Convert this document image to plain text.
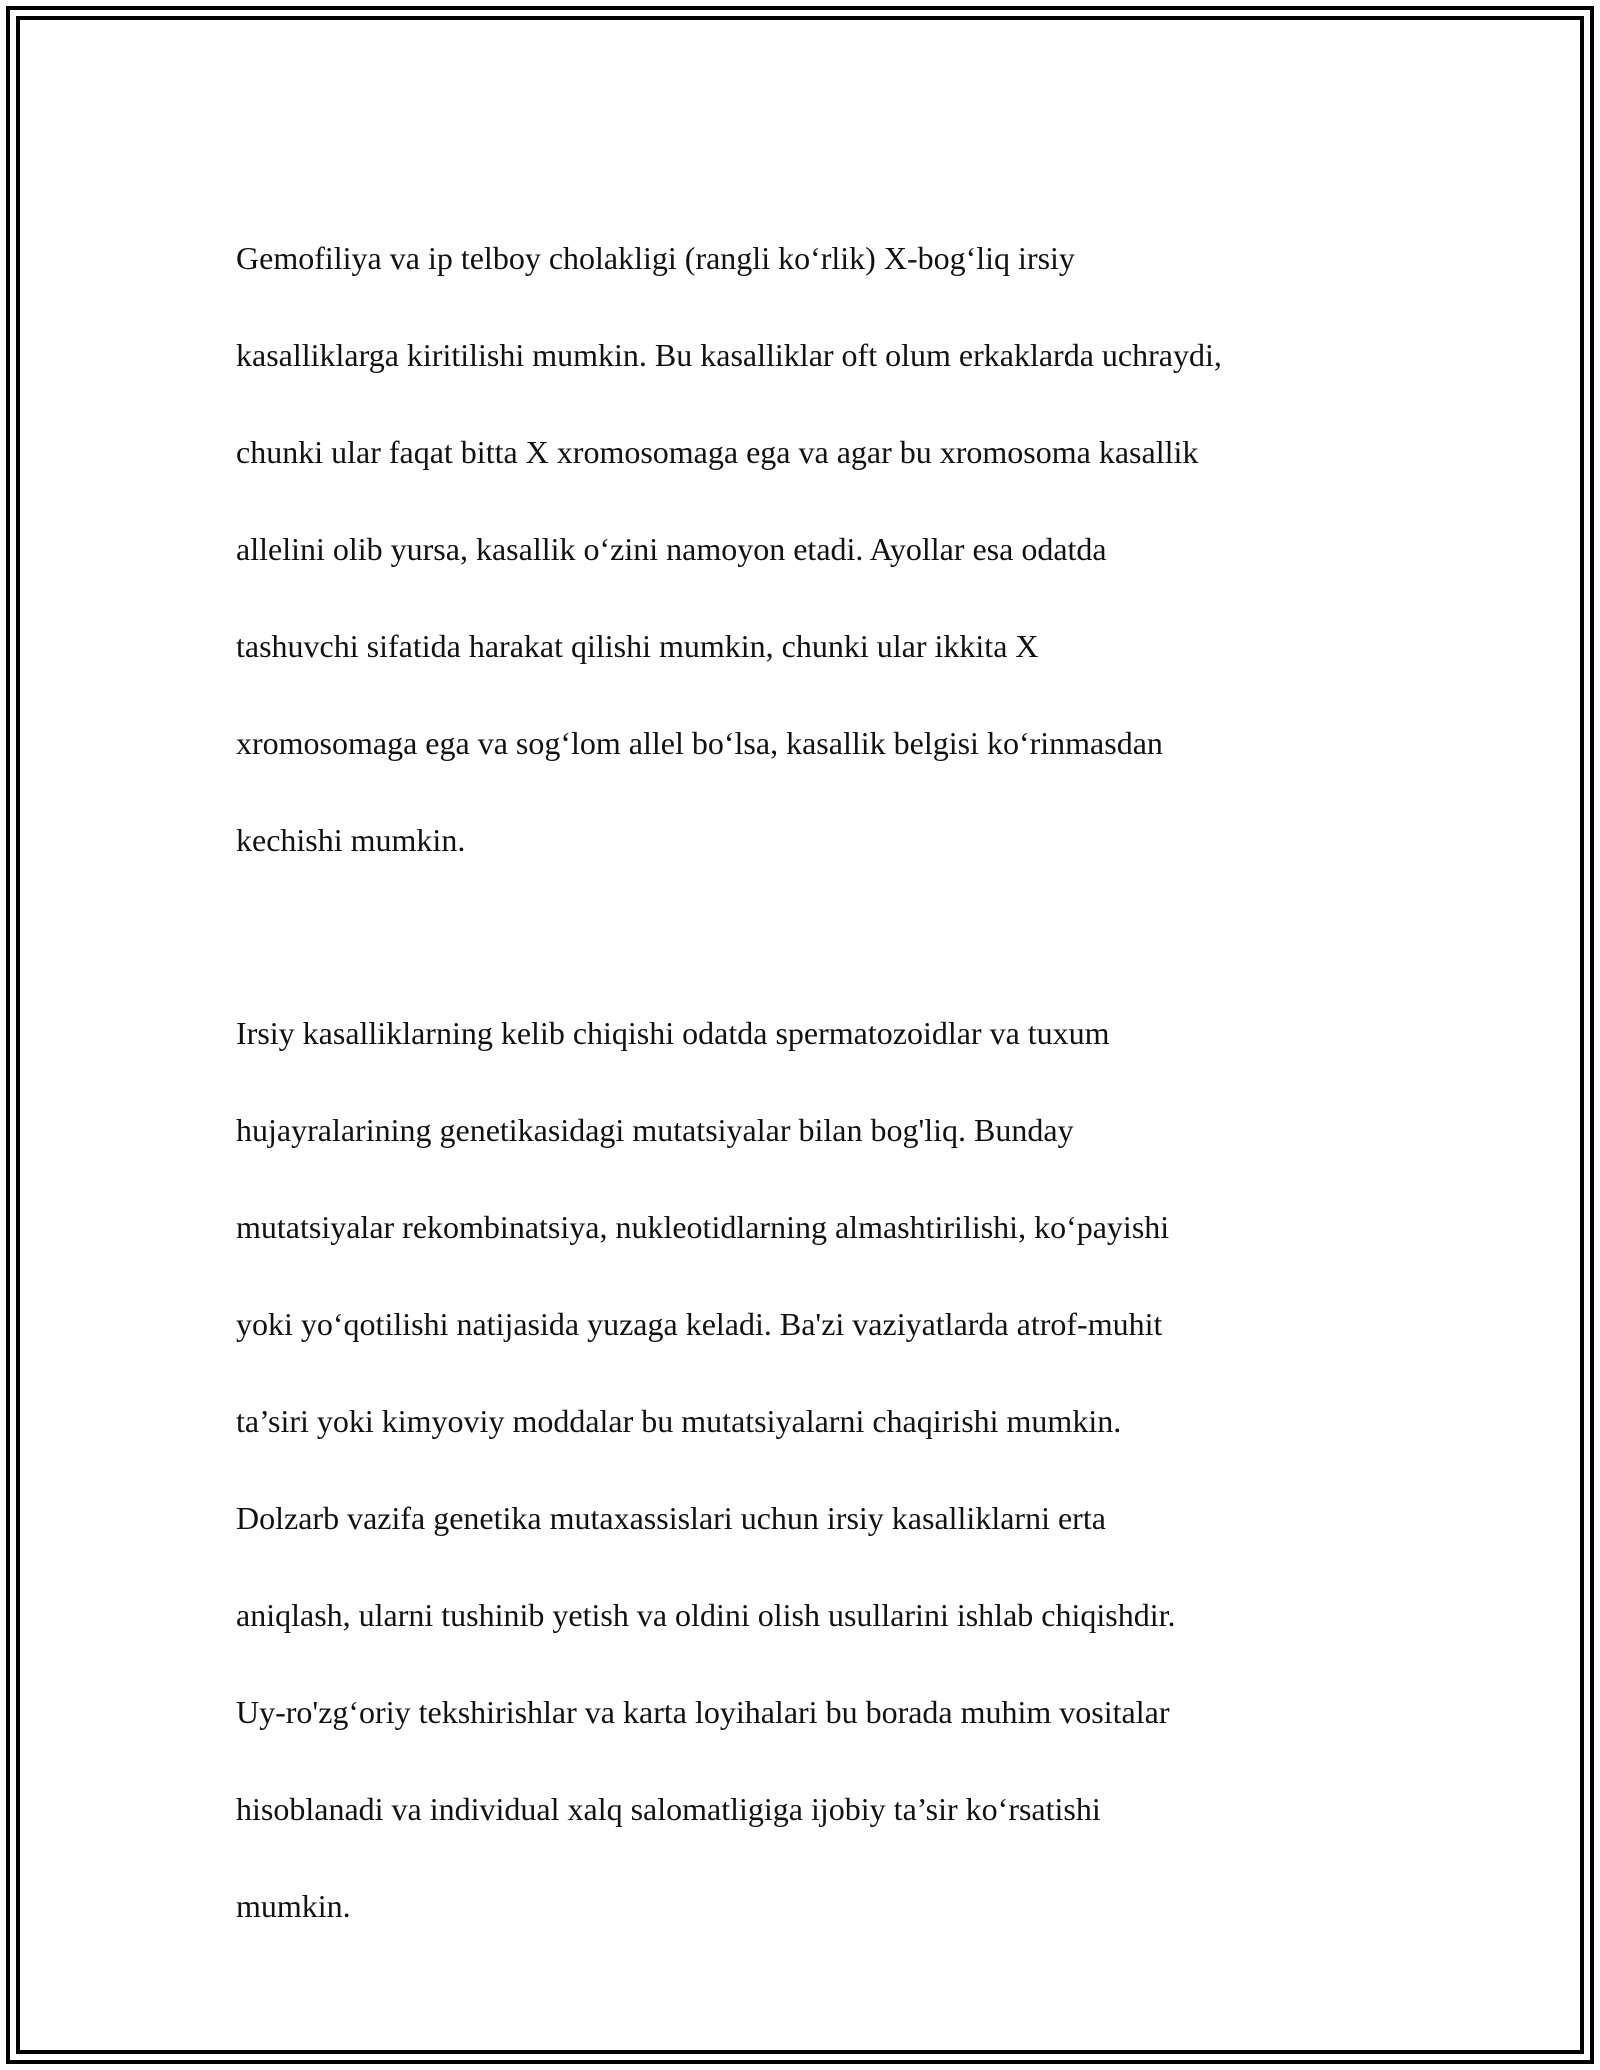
Gemofiliya va ip telboy cholakligi (rangli ko‘rlik) X-bog‘liq irsiy

kasalliklarga kiritilishi mumkin. Bu kasalliklar oft olum erkaklarda uchraydi,

chunki ular faqat bitta X xromosomaga ega va agar bu xromosoma kasallik

allelini olib yursa, kasallik o‘zini namoyon etadi. Ayollar esa odatda

tashuvchi sifatida harakat qilishi mumkin, chunki ular ikkita X

xromosomaga ega va sog‘lom allel bo‘lsa, kasallik belgisi ko‘rinmasdan

kechishi mumkin.

Irsiy kasalliklarning kelib chiqishi odatda spermatozoidlar va tuxum

hujayralarining genetikasidagi mutatsiyalar bilan bog'liq. Bunday

mutatsiyalar rekombinatsiya, nukleotidlarning almashtirilishi, ko‘payishi

yoki yo‘qotilishi natijasida yuzaga keladi. Ba'zi vaziyatlarda atrof-muhit

ta’siri yoki kimyoviy moddalar bu mutatsiyalarni chaqirishi mumkin.

Dolzarb vazifa genetika mutaxassislari uchun irsiy kasalliklarni erta

aniqlash, ularni tushinib yetish va oldini olish usullarini ishlab chiqishdir.

Uy-ro'zg‘oriy tekshirishlar va karta loyihalari bu borada muhim vositalar

hisoblanadi va individual xalq salomatligiga ijobiy ta’sir ko‘rsatishi

mumkin.
